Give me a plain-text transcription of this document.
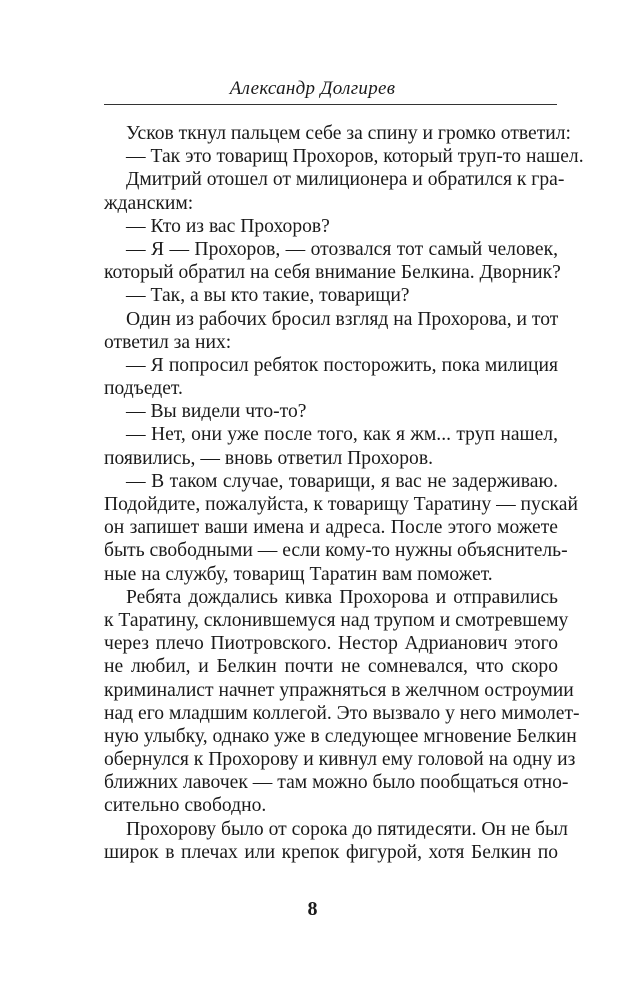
Александр Долгирев
Усков ткнул пальцем себе за спину и громко ответил:
— Так это товарищ Прохоров, который труп-то нашел.
Дмитрий отошел от милиционера и обратился к гра-
жданским:
— Кто из вас Прохоров?
— Я — Прохоров, — отозвался тот самый человек,
который обратил на себя внимание Белкина. Дворник?
— Так, а вы кто такие, товарищи?
Один из рабочих бросил взгляд на Прохорова, и тот
ответил за них:
— Я попросил ребяток посторожить, пока милиция
подъедет.
— Вы видели что-то?
— Нет, они уже после того, как я жм... труп нашел,
появились, — вновь ответил Прохоров.
— В таком случае, товарищи, я вас не задерживаю.
Подойдите, пожалуйста, к товарищу Таратину — пускай
он запишет ваши имена и адреса. После этого можете
быть свободными — если кому-то нужны объяснитель-
ные на службу, товарищ Таратин вам поможет.
Ребята дождались кивка Прохорова и отправились
к Таратину, склонившемуся над трупом и смотревшему
через плечо Пиотровского. Нестор Адрианович этого
не любил, и Белкин почти не сомневался, что скоро
криминалист начнет упражняться в желчном остроумии
над его младшим коллегой. Это вызвало у него мимолет-
ную улыбку, однако уже в следующее мгновение Белкин
обернулся к Прохорову и кивнул ему головой на одну из
ближних лавочек — там можно было пообщаться отно-
сительно свободно.
Прохорову было от сорока до пятидесяти. Он не был
широк в плечах или крепок фигурой, хотя Белкин по
8
